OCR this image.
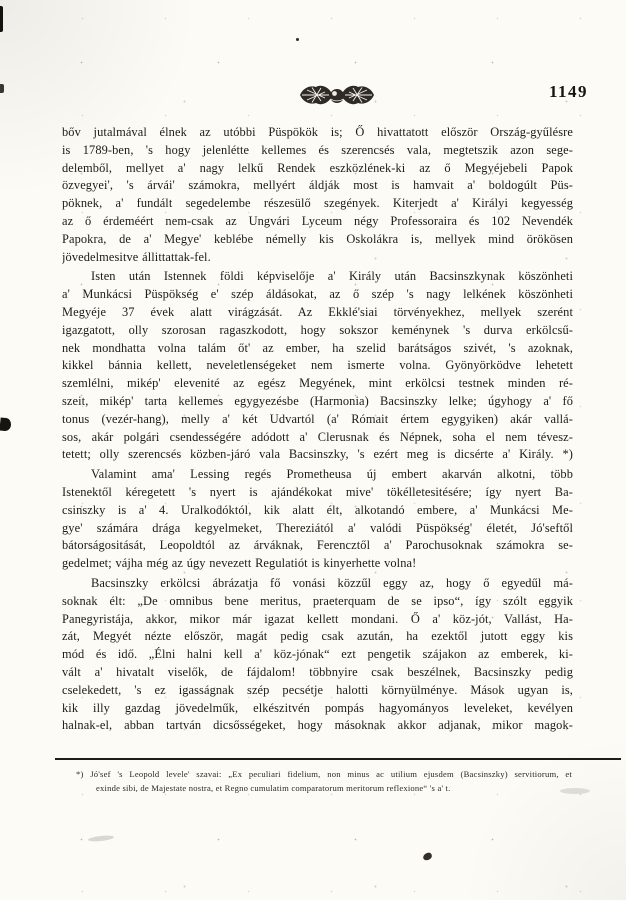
1149
bőv jutalmával élnek az utóbbi Püspökök is; Ő hivattatott először Ország-gyűlésre
is 1789-ben, 's hogy jelenlétte kellemes és szerencsés vala, megtetszik azon sege-
delemből, mellyet a' nagy lelkű Rendek eszközlének-ki az ő Megyéjebeli Papok
özvegyei', 's árvái' számokra, mellyért áldják most is hamvait a' boldogúlt Püs-
pöknek, a' fundált segedelembe részesülő szegények. Kiterjedt a' Királyi kegyesség
az ő érdeméért nem-csak az Ungvári Lyceum négy Professoraira és 102 Nevendék
Papokra, de a' Megye' keblébe némelly kis Oskolákra is, mellyek mind örökösen
jövedelmesitve állittattak-fel.
Isten után Istennek földi képviselője a' Király után Bacsinszkynak köszönheti
a' Munkácsi Püspökség e' szép áldásokat, az ő szép 's nagy lelkének köszönheti
Megyéje 37 évek alatt virágzását. Az Ekklé'siai törvényekhez, mellyek szerént
igazgatott, olly szorosan ragaszkodott, hogy sokszor keménynek 's durva erkölcsű-
nek mondhatta volna talám őt' az ember, ha szelid barátságos szivét, 's azoknak,
kikkel bánnia kellett, neveletlenségeket nem ismerte volna. Gyönyörködve lehetett
szemlélni, mikép' elevenité az egész Megyének, mint erkölcsi testnek minden ré-
szeit, mikép' tarta kellemes egygyezésbe (Harmonia) Bacsinszky lelke; úgyhogy a' fő
tonus (vezér-hang), melly a' két Udvartól (a' Rómait értem egygyiken) akár vallá-
sos, akár polgári csendességére adódott a' Clerusnak és Népnek, soha el nem tévesz-
tetett; olly szerencsés közben-járó vala Bacsinszky, 's ezért meg is dicsérte a' Király. *)
Valamint ama' Lessing regés Prometheusa új embert akarván alkotni, több
Istenektől kéregetett 's nyert is ajándékokat mive' tökélletesitésére; így nyert Ba-
csinszky is a' 4. Uralkodóktól, kik alatt élt, alkotandó embere, a' Munkácsi Me-
gye' számára drága kegyelmeket, Thereziától a' valódi Püspökség' életét, Jó'seftől
bátorságositását, Leopoldtól az árváknak, Ferencztől a' Parochusoknak számokra se-
gedelmet; vájha még az úgy nevezett Regulatiót is kinyerhette volna!
Bacsinszky erkölcsi ábrázatja fő vonási közzűl eggy az, hogy ő egyedűl má-
soknak élt: „De omnibus bene meritus, praeterquam de se ipso“, így szólt eggyik
Panegyristája, akkor, mikor már igazat kellett mondani. Ő a' köz-jót, Vallást, Ha-
zát, Megyét nézte először, magát pedig csak azután, ha ezektől jutott eggy kis
mód és idő. „Élni halni kell a' köz-jónak“ ezt pengetik szájakon az emberek, ki-
vált a' hivatalt viselők, de fájdalom! többnyire csak beszélnek, Bacsinszky pedig
cselekedett, 's ez igasságnak szép pecsétje halotti környülménye. Mások ugyan is,
kik illy gazdag jövedelműk, elkészitvén pompás hagyományos leveleket, kevélyen
halnak-el, abban tartván dicsősségeket, hogy másoknak akkor adjanak, mikor magok-
*) Jó'sef 's Leopold levele' szavai: „Ex peculiari fidelium, non minus ac utilium ejusdem (Bacsinszky) servitiorum, et
exinde sibi, de Majestate nostra, et Regno cumulatim comparatorum meritorum reflexione“ 's a' t.
